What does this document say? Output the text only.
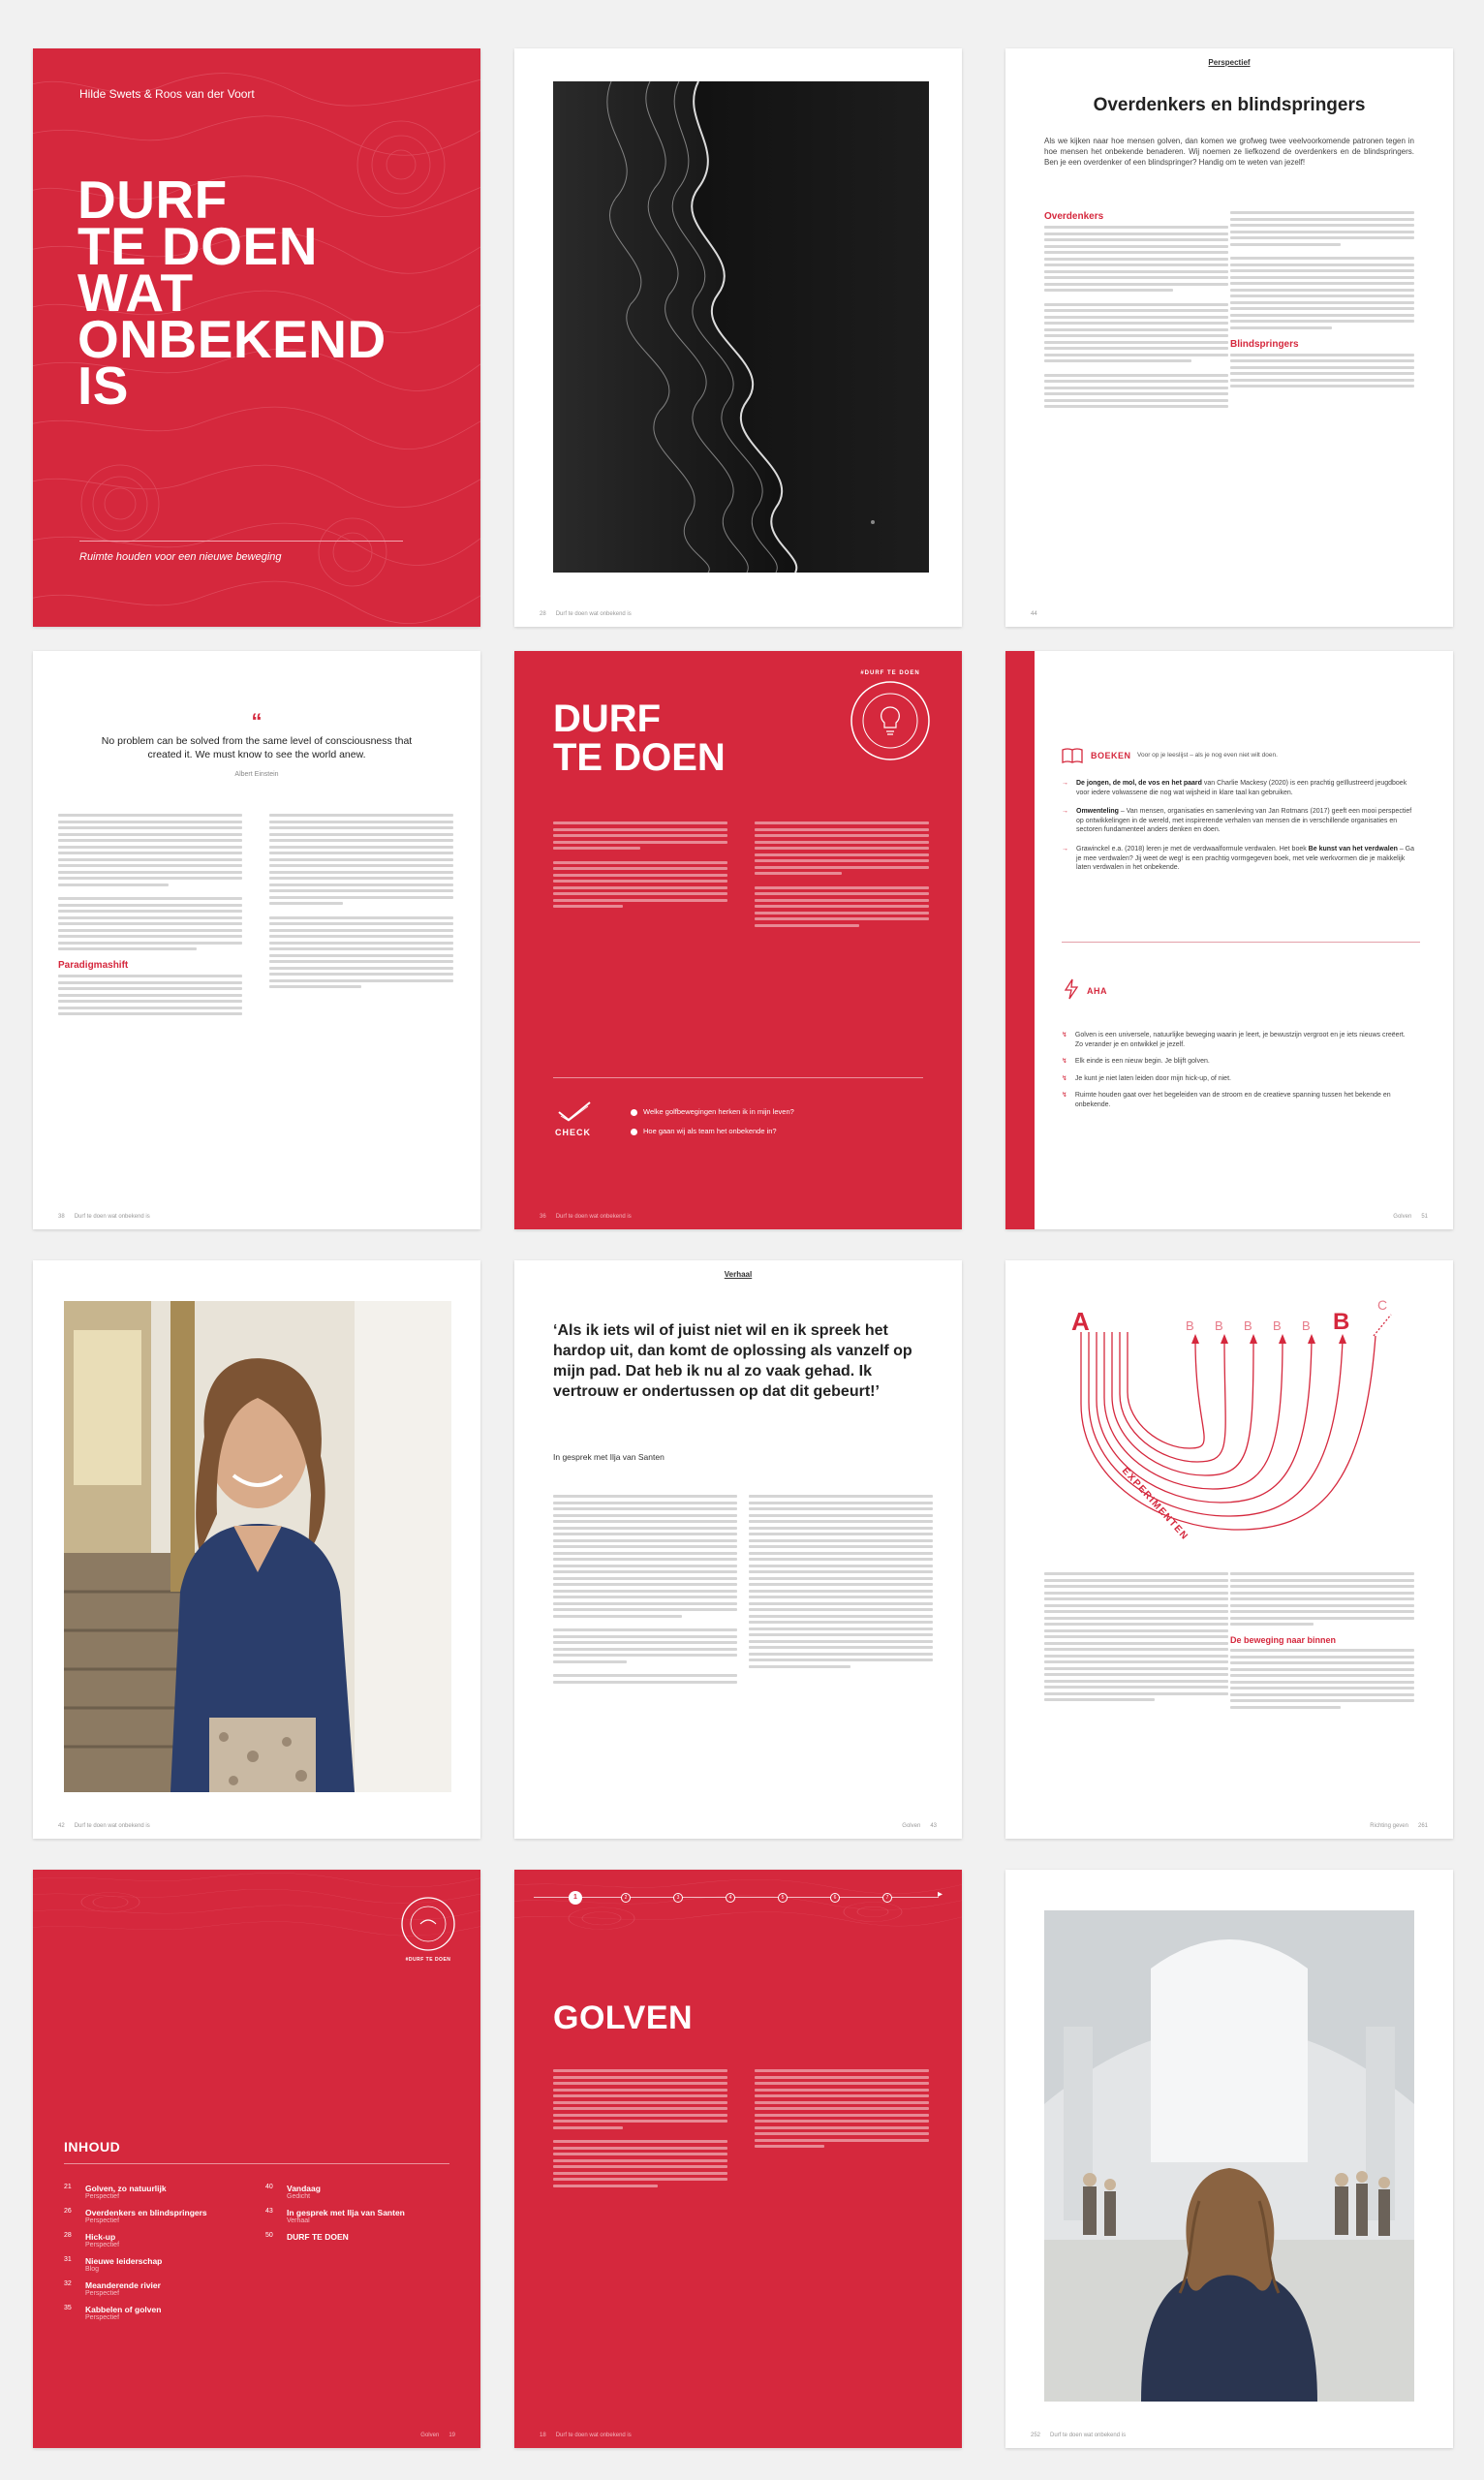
Hilde Swets & Roos van der Voort
DURF
TE DOEN
WAT
ONBEKEND
IS
Ruimte houden voor een nieuwe beweging
28 Durf te doen wat onbekend is
Perspectief
Overdenkers en blindspringers
Als we kijken naar hoe mensen golven, dan komen we grofweg twee veelvoorkomende patronen tegen in hoe mensen het onbekende benaderen. Wij noemen ze liefkozend de overdenkers en de blindspringers. Ben je een overdenker of een blindspringer? Handig om te weten van jezelf!
Overdenkers
Blindspringers
44
“
No problem can be solved from the same level of consciousness that created it. We must know to see the world anew.
Albert Einstein
Paradigmashift
38 Durf te doen wat onbekend is
DURF
TE DOEN
#DURF TE DOEN
CHECK
Welke golfbewegingen herken ik in mijn leven?
Hoe gaan wij als team het onbekende in?
36 Durf te doen wat onbekend is
BOEKEN Voor op je leeslijst – als je nog even niet wilt doen.
→ De jongen, de mol, de vos en het paard van Charlie Mackesy (2020) is een prachtig geïllustreerd jeugdboek voor iedere volwassene die nog wat wijsheid in klare taal kan gebruiken.
→ Omwenteling – Van mensen, organisaties en samenleving van Jan Rotmans (2017) geeft een mooi perspectief op ontwikkelingen in de wereld, met inspirerende verhalen van mensen die in verschillende organisaties en sectoren fundamenteel anders denken en doen.
→ Grawinckel e.a. (2018) leren je met de verdwaalformule verdwalen. Het boek Be kunst van het verdwalen – Ga je mee verdwalen? Jij weet de weg! is een prachtig vormgegeven boek, met vele werkvormen die je makkelijk laten verdwalen in het onbekende.
AHA
↯ Golven is een universele, natuurlijke beweging waarin je leert, je bewustzijn vergroot en je iets nieuws creëert. Zo verander je en ontwikkel je jezelf.
↯ Elk einde is een nieuw begin. Je blijft golven.
↯ Je kunt je niet laten leiden door mijn hick-up, of niet.
↯ Ruimte houden gaat over het begeleiden van de stroom en de creatieve spanning tussen het bekende en onbekende.
Golven 51
42 Durf te doen wat onbekend is
Verhaal
‘Als ik iets wil of juist niet wil en ik spreek het hardop uit, dan komt de oplossing als vanzelf op mijn pad. Dat heb ik nu al zo vaak gehad. Ik vertrouw er ondertussen op dat dit gebeurt!’
In gesprek met Ilja van Santen
Golven 43
A	B B B B B B
C
EXPERIMENTEN
De beweging naar binnen
Richting geven 261
#DURF TE DOEN
INHOUD
21	Golven, zo natuurlijk
Perspectief
26	Overdenkers en blindspringers
Perspectief
28	Hick-up
Perspectief
31	Nieuwe leiderschap
Blog
32	Meanderende rivier
Perspectief
35	Kabbelen of golven
Perspectief
40	Vandaag
Gedicht
43	In gesprek met Ilja van Santen
Verhaal
50	DURF TE DOEN
Golven 19
▸
1	2	3	4	5	6	7
GOLVEN
18 Durf te doen wat onbekend is	252 Durf te doen wat onbekend is
